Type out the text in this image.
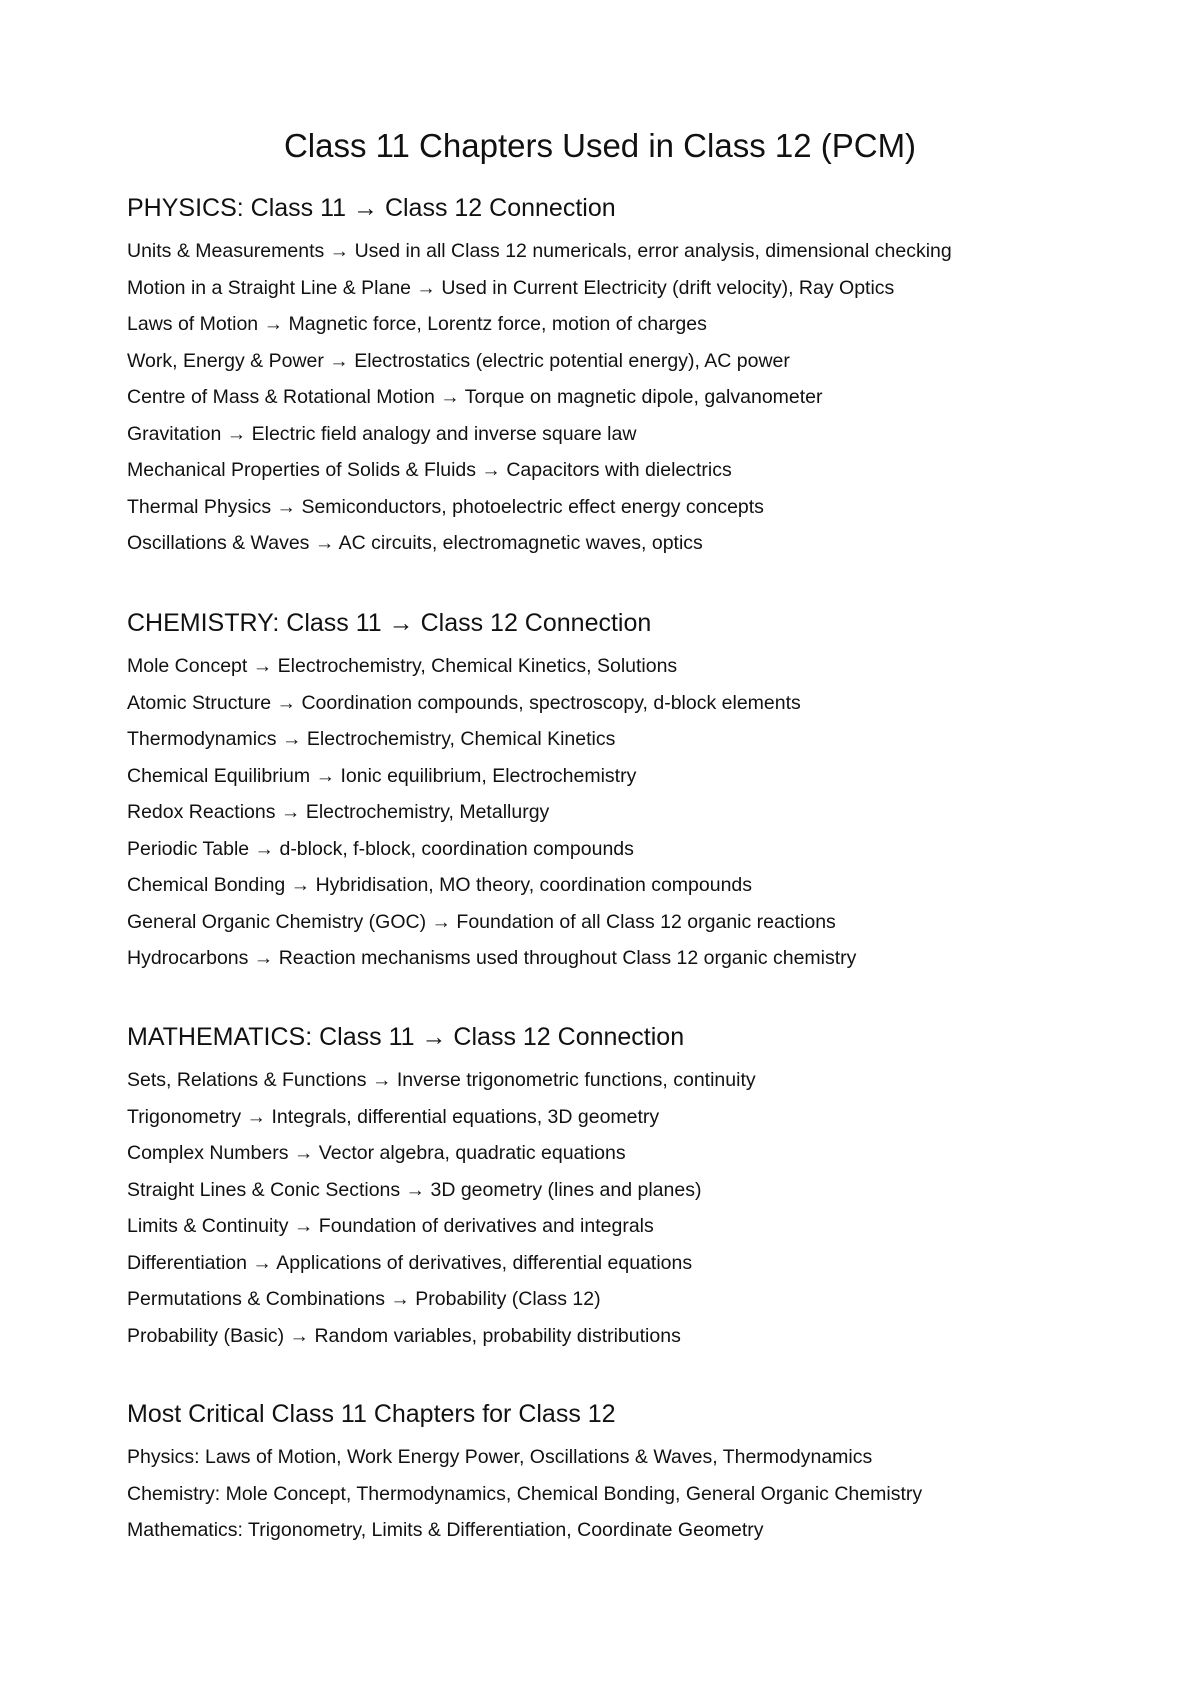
Class 11 Chapters Used in Class 12 (PCM)
PHYSICS: Class 11 → Class 12 Connection
Units & Measurements → Used in all Class 12 numericals, error analysis, dimensional checking
Motion in a Straight Line & Plane → Used in Current Electricity (drift velocity), Ray Optics
Laws of Motion → Magnetic force, Lorentz force, motion of charges
Work, Energy & Power → Electrostatics (electric potential energy), AC power
Centre of Mass & Rotational Motion → Torque on magnetic dipole, galvanometer
Gravitation → Electric field analogy and inverse square law
Mechanical Properties of Solids & Fluids → Capacitors with dielectrics
Thermal Physics → Semiconductors, photoelectric effect energy concepts
Oscillations & Waves → AC circuits, electromagnetic waves, optics
CHEMISTRY: Class 11 → Class 12 Connection
Mole Concept → Electrochemistry, Chemical Kinetics, Solutions
Atomic Structure → Coordination compounds, spectroscopy, d-block elements
Thermodynamics → Electrochemistry, Chemical Kinetics
Chemical Equilibrium → Ionic equilibrium, Electrochemistry
Redox Reactions → Electrochemistry, Metallurgy
Periodic Table → d-block, f-block, coordination compounds
Chemical Bonding → Hybridisation, MO theory, coordination compounds
General Organic Chemistry (GOC) → Foundation of all Class 12 organic reactions
Hydrocarbons → Reaction mechanisms used throughout Class 12 organic chemistry
MATHEMATICS: Class 11 → Class 12 Connection
Sets, Relations & Functions → Inverse trigonometric functions, continuity
Trigonometry → Integrals, differential equations, 3D geometry
Complex Numbers → Vector algebra, quadratic equations
Straight Lines & Conic Sections → 3D geometry (lines and planes)
Limits & Continuity → Foundation of derivatives and integrals
Differentiation → Applications of derivatives, differential equations
Permutations & Combinations → Probability (Class 12)
Probability (Basic) → Random variables, probability distributions
Most Critical Class 11 Chapters for Class 12
Physics: Laws of Motion, Work Energy Power, Oscillations & Waves, Thermodynamics
Chemistry: Mole Concept, Thermodynamics, Chemical Bonding, General Organic Chemistry
Mathematics: Trigonometry, Limits & Differentiation, Coordinate Geometry
